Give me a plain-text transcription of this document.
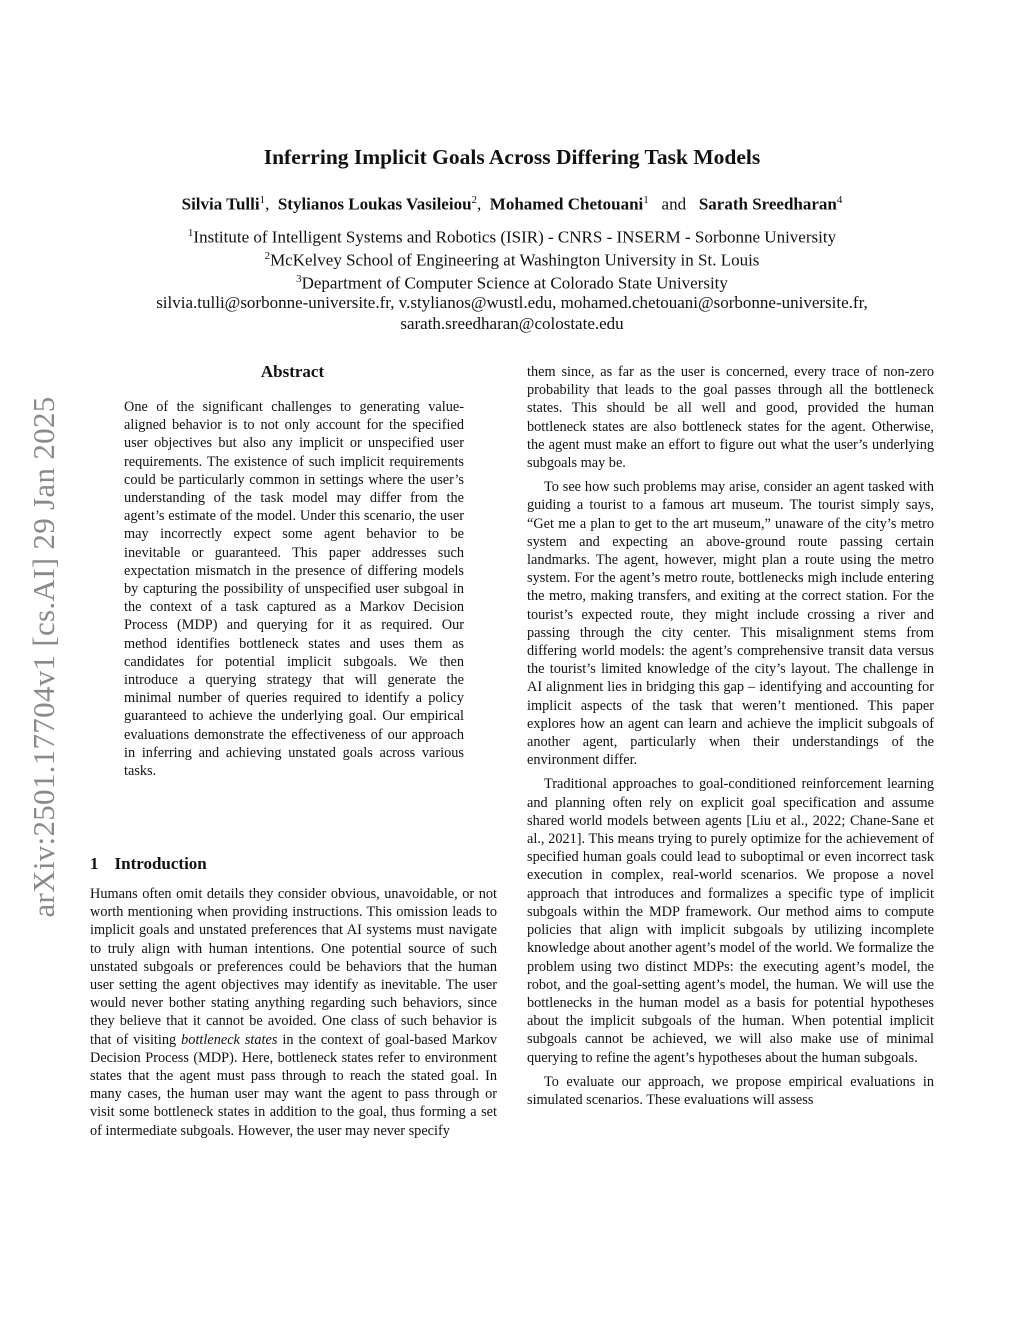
arXiv:2501.17704v1 [cs.AI] 29 Jan 2025
Inferring Implicit Goals Across Differing Task Models
Silvia Tulli$^1$, Stylianos Loukas Vasileiou$^2$, Mohamed Chetouani$^1$ and Sarath Sreedharan$^4$
$^1$Institute of Intelligent Systems and Robotics (ISIR) - CNRS - INSERM - Sorbonne University
$^2$McKelvey School of Engineering at Washington University in St. Louis
$^3$Department of Computer Science at Colorado State University
silvia.tulli@sorbonne-universite.fr, v.stylianos@wustl.edu, mohamed.chetouani@sorbonne-universite.fr,
sarath.sreedharan@colostate.edu
Abstract

One of the significant challenges to generating value-aligned behavior is to not only account for the specified user objectives but also any implicit or unspecified user requirements. The existence of such implicit requirements could be particularly common in settings where the user’s understanding of the task model may differ from the agent’s estimate of the model. Under this scenario, the user may incorrectly expect some agent behavior to be inevitable or guaranteed. This paper addresses such expectation mismatch in the presence of differing models by capturing the possibility of unspecified user subgoal in the context of a task captured as a Markov Decision Process (MDP) and querying for it as required. Our method identifies bottleneck states and uses them as candidates for potential implicit subgoals. We then introduce a querying strategy that will generate the minimal number of queries required to identify a policy guaranteed to achieve the underlying goal. Our empirical evaluations demonstrate the effectiveness of our approach in inferring and achieving unstated goals across various tasks.

1 Introduction

Humans often omit details they consider obvious, unavoidable, or not worth mentioning when providing instructions. This omission leads to implicit goals and unstated preferences that AI systems must navigate to truly align with human intentions. One potential source of such unstated subgoals or preferences could be behaviors that the human user setting the agent objectives may identify as inevitable. The user would never bother stating anything regarding such behaviors, since they believe that it cannot be avoided. One class of such behavior is that of visiting bottleneck states in the context of goal-based Markov Decision Process (MDP). Here, bottleneck states refer to environment states that the agent must pass through to reach the stated goal. In many cases, the human user may want the agent to pass through or visit some bottleneck states in addition to the goal, thus forming a set of intermediate subgoals. However, the user may never specify

them since, as far as the user is concerned, every trace of non-zero probability that leads to the goal passes through all the bottleneck states. This should be all well and good, provided the human bottleneck states are also bottleneck states for the agent. Otherwise, the agent must make an effort to figure out what the user’s underlying subgoals may be.

To see how such problems may arise, consider an agent tasked with guiding a tourist to a famous art museum. The tourist simply says, “Get me a plan to get to the art museum,” unaware of the city’s metro system and expecting an above-ground route passing certain landmarks. The agent, however, might plan a route using the metro system. For the agent’s metro route, bottlenecks migh include entering the metro, making transfers, and exiting at the correct station. For the tourist’s expected route, they might include crossing a river and passing through the city center. This misalignment stems from differing world models: the agent’s comprehensive transit data versus the tourist’s limited knowledge of the city’s layout. The challenge in AI alignment lies in bridging this gap – identifying and accounting for implicit aspects of the task that weren’t mentioned. This paper explores how an agent can learn and achieve the implicit subgoals of another agent, particularly when their understandings of the environment differ.

Traditional approaches to goal-conditioned reinforcement learning and planning often rely on explicit goal specification and assume shared world models between agents [Liu et al., 2022; Chane-Sane et al., 2021]. This means trying to purely optimize for the achievement of specified human goals could lead to suboptimal or even incorrect task execution in complex, real-world scenarios. We propose a novel approach that introduces and formalizes a specific type of implicit subgoals within the MDP framework. Our method aims to compute policies that align with implicit subgoals by utilizing incomplete knowledge about another agent’s model of the world. We formalize the problem using two distinct MDPs: the executing agent’s model, the robot, and the goal-setting agent’s model, the human. We will use the bottlenecks in the human model as a basis for potential hypotheses about the implicit subgoals of the human. When potential implicit subgoals cannot be achieved, we will also make use of minimal querying to refine the agent’s hypotheses about the human subgoals.

To evaluate our approach, we propose empirical evaluations in simulated scenarios. These evaluations will assess
